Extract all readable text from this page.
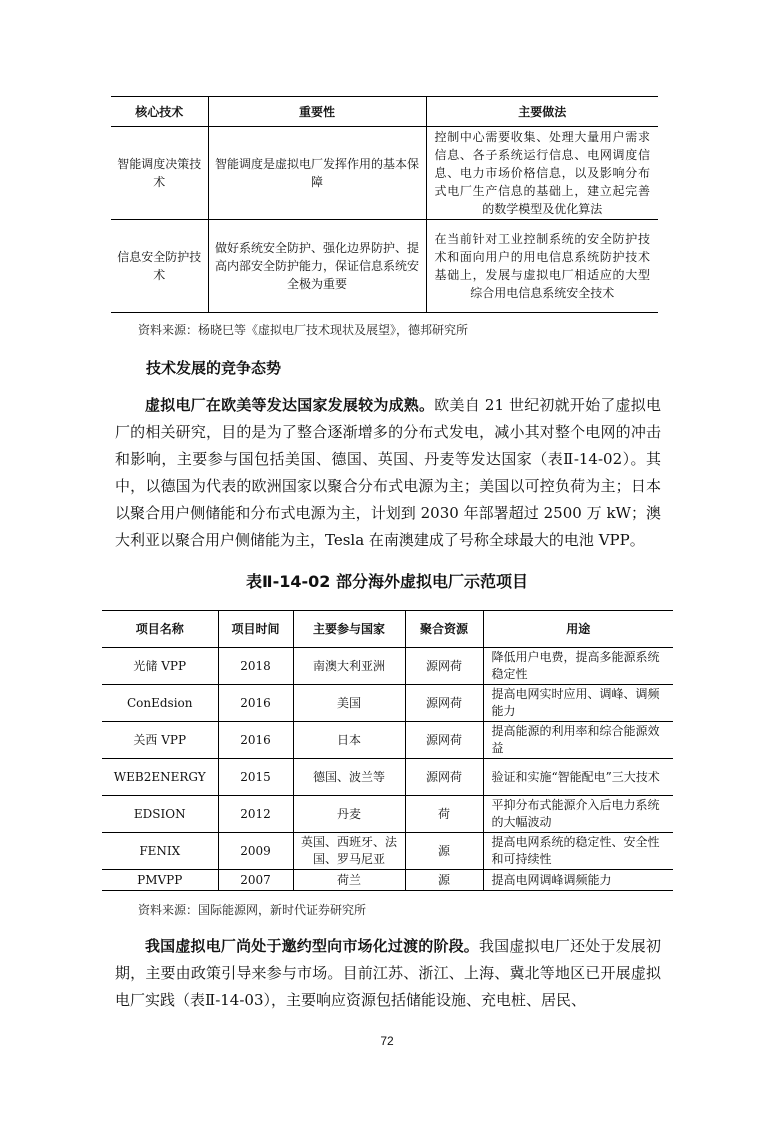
核心技术	重要性	主要做法
智能调度决策技术	智能调度是虚拟电厂发挥作用的基本保障	控制中心需要收集、处理大量用户需求信息、各子系统运行信息、电网调度信息、电力市场价格信息，以及影响分布式电厂生产信息的基础上，建立起完善的数学模型及优化算法
信息安全防护技术	做好系统安全防护、强化边界防护、提高内部安全防护能力，保证信息系统安全极为重要	在当前针对工业控制系统的安全防护技术和面向用户的用电信息系统防护技术基础上，发展与虚拟电厂相适应的大型综合用电信息系统安全技术
资料来源：杨晓巳等《虚拟电厂技术现状及展望》，德邦研究所
技术发展的竞争态势

虚拟电厂在欧美等发达国家发展较为成熟。欧美自 21 世纪初就开始了虚拟电厂的相关研究，目的是为了整合逐渐增多的分布式发电，减小其对整个电网的冲击和影响，主要参与国包括美国、德国、英国、丹麦等发达国家（表Ⅱ-14-02）。其中，以德国为代表的欧洲国家以聚合分布式电源为主；美国以可控负荷为主；日本以聚合用户侧储能和分布式电源为主，计划到 2030 年部署超过 2500 万 kW；澳大利亚以聚合用户侧储能为主，Tesla 在南澳建成了号称全球最大的电池 VPP。

表Ⅱ-14-02 部分海外虚拟电厂示范项目
项目名称	项目时间	主要参与国家	聚合资源	用途
光储 VPP	2018	南澳大利亚洲	源网荷	降低用户电费，提高多能源系统稳定性
ConEdsion	2016	美国	源网荷	提高电网实时应用、调峰、调频能力
关西 VPP	2016	日本	源网荷	提高能源的利用率和综合能源效益
WEB2ENERGY	2015	德国、波兰等	源网荷	验证和实施“智能配电”三大技术
EDSION	2012	丹麦	荷	平抑分布式能源介入后电力系统的大幅波动
FENIX	2009	英国、西班牙、法国、罗马尼亚	源	提高电网系统的稳定性、安全性和可持续性
PMVPP	2007	荷兰	源	提高电网调峰调频能力
资料来源：国际能源网，新时代证券研究所

我国虚拟电厂尚处于邀约型向市场化过渡的阶段。我国虚拟电厂还处于发展初期，主要由政策引导来参与市场。目前江苏、浙江、上海、冀北等地区已开展虚拟电厂实践（表Ⅱ-14-03），主要响应资源包括储能设施、充电桩、居民、

72
